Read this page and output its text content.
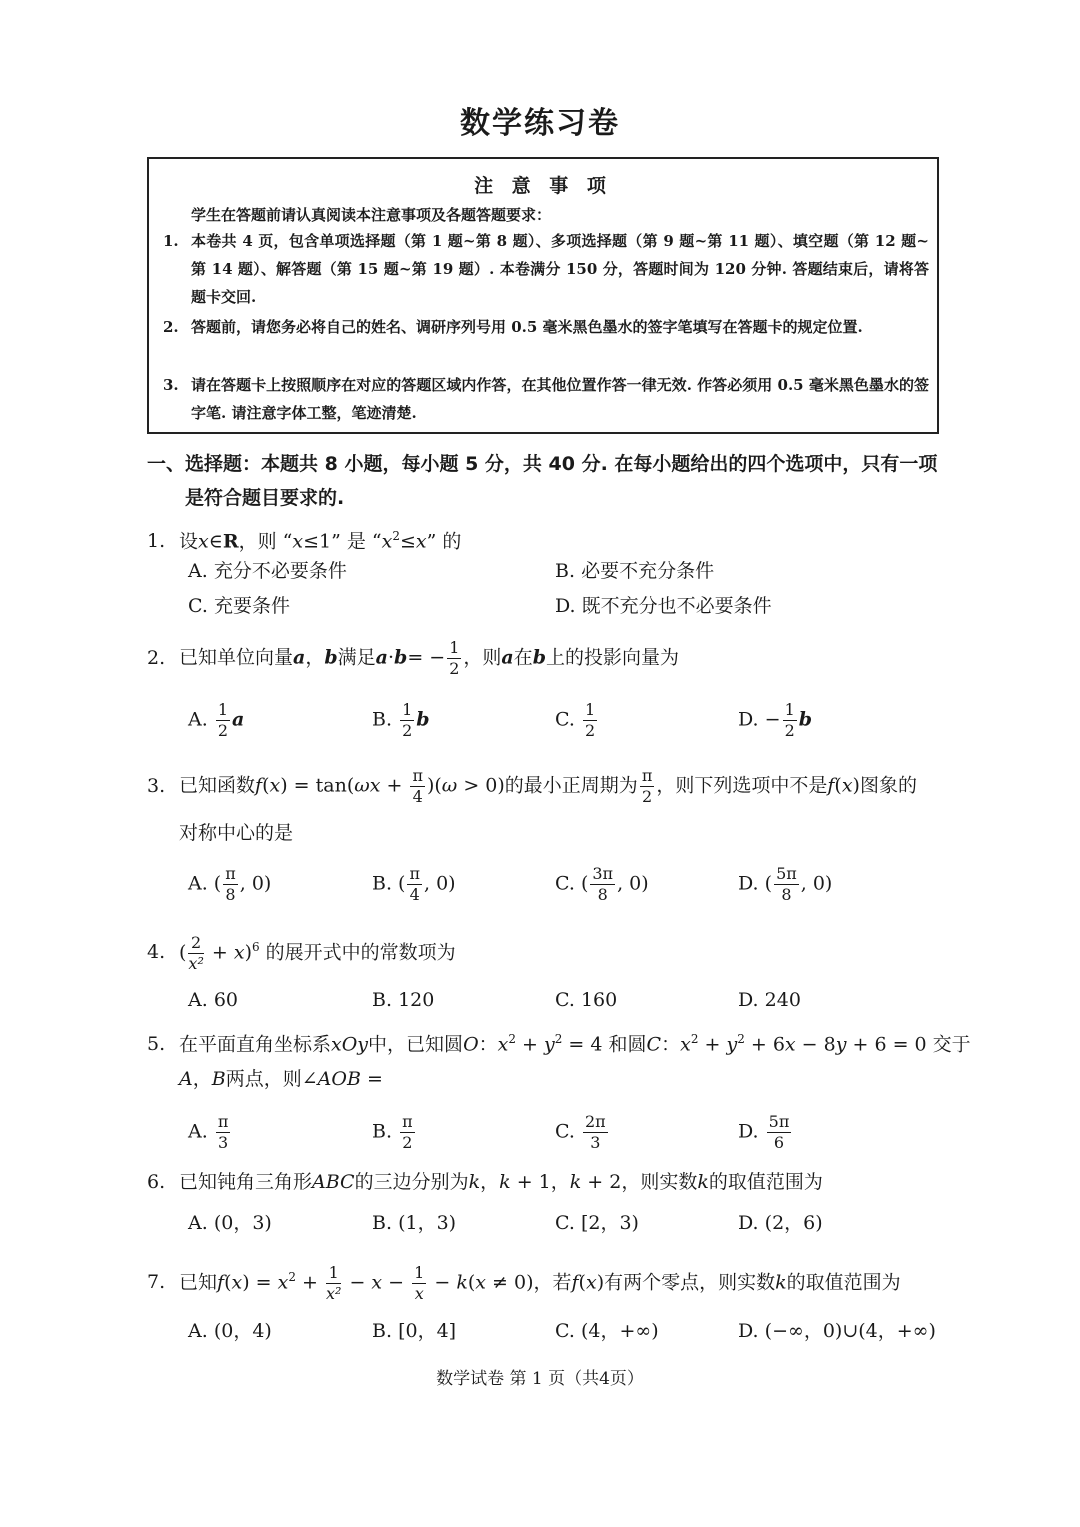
数学练习卷
注 意 事 项
学生在答题前请认真阅读本注意事项及各题答题要求：
1. 本卷共 4 页，包含单项选择题（第 1 题~第 8 题）、多项选择题（第 9 题~第 11 题）、填空题（第 12 题~第 14 题）、解答题（第 15 题~第 19 题）. 本卷满分 150 分，答题时间为 120 分钟. 答题结束后，请将答题卡交回.
2. 答题前，请您务必将自己的姓名、调研序列号用 0.5 毫米黑色墨水的签字笔填写在答题卡的规定位置.
3. 请在答题卡上按照顺序在对应的答题区域内作答，在其他位置作答一律无效. 作答必须用 0.5 毫米黑色墨水的签字笔. 请注意字体工整，笔迹清楚.
一、 选择题：本题共 8 小题，每小题 5 分，共 40 分. 在每小题给出的四个选项中，只有一项是符合题目要求的.
1. 设x∈R，则 “x≤1” 是 “$x^2\le x$” 的
A. 充分不必要条件	B. 必要不充分条件
C. 充要条件	D. 既不充分也不必要条件
2. 已知单位向量a，b满足$a\cdot b= - \frac{1}{2}$ ，则a在b上的投影向量为
A. $\frac{1}{2}$ a	B. $\frac{1}{2}$ b	C. $\frac{1}{2}$	D. − $\frac{1}{2}$ b
3. 已知函数$f(x) = \tan(\omega x + \frac{\pi}{4} )(\omega > 0)$的最小正周期为 $\frac{\pi}{2}$ ，则下列选项中不是f(x)图象的
对称中心的是
A. ( $\frac{\pi}{8}$ , 0)	B. ( $\frac{\pi}{4}$ , 0)	C. ( $\frac{3\pi}{8}$ , 0)	D. ( $\frac{5\pi}{8}$ , 0)
4. ( $\frac{2}{\text{x²}} + x)^6$ 的展开式中的常数项为
A. 60	B. 120	C. 160	D. 240
5. 在平面直角坐标系xOy中，已知圆O：$x^2 + y^2 = 4$ 和圆C：$x^2 + y^2 + 6x - 8y + 6 = 0$ 交于
A，B两点，则∠AOB =
A. $\frac{\pi}{3}$	B. $\frac{\pi}{2}$	C. $\frac{2\pi}{3}$	D. $\frac{5\pi}{6}$
6. 已知钝角三角形ABC的三边分别为k，k + 1，k + 2，则实数k的取值范围为
A. (0，3)	B. (1，3)	C. [2，3)	D. (2，6)
7. 已知$f(x) = x^2 + \frac{1}{\text{x²}} - x - \frac{1}{x} - k(x \ne 0)$，若f(x)有两个零点，则实数k的取值范围为
A. (0，4)	B. [0，4]	C. (4，+∞)	D. (−∞，0)∪(4，+∞)
数学试卷 第 1 页（共4页）
